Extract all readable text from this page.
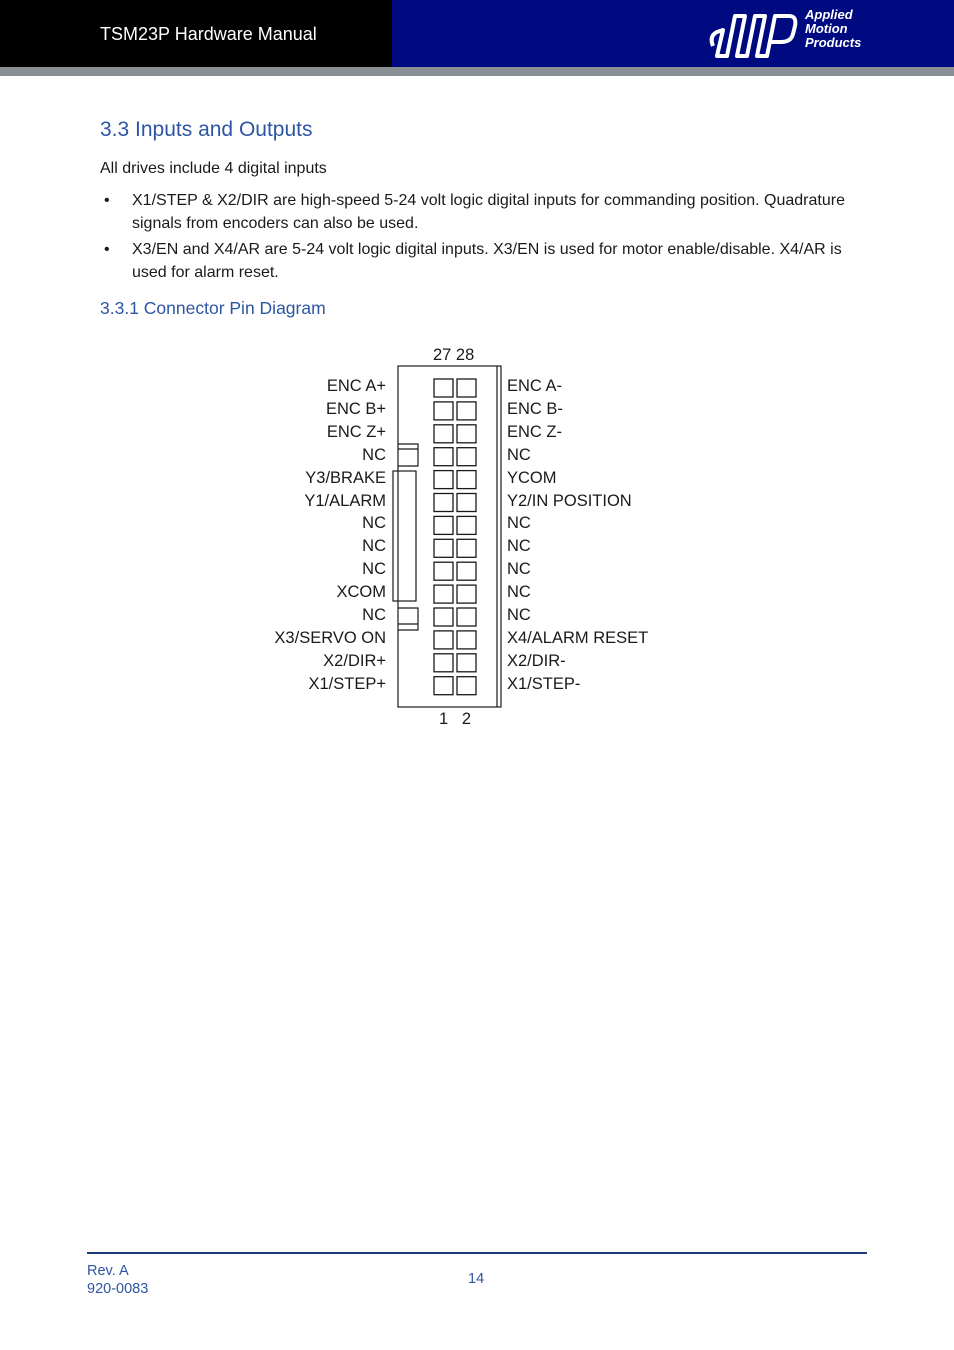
TSM23P Hardware Manual
Applied
Motion
Products
3.3 Inputs and Outputs

All drives include 4 digital inputs

• X1/STEP & X2/DIR are high-speed 5-24 volt logic digital inputs for commanding position. Quadrature signals from encoders can also be used.
• X3/EN and X4/AR are 5-24 volt logic digital inputs. X3/EN is used for motor enable/disable. X4/AR is used for alarm reset.
3.3.1 Connector Pin Diagram
27 28
1   2
ENC A+	ENC A-
ENC B+	ENC B-
ENC Z+	ENC Z-
NC	NC
Y3/BRAKE	YCOM
Y1/ALARM	Y2/IN POSITION
NC	NC
NC	NC
NC	NC
XCOM	NC
NC	NC
X3/SERVO ON	X4/ALARM RESET
X2/DIR+	X2/DIR-
X1/STEP+	X1/STEP-
Rev. A
920-0083
14
